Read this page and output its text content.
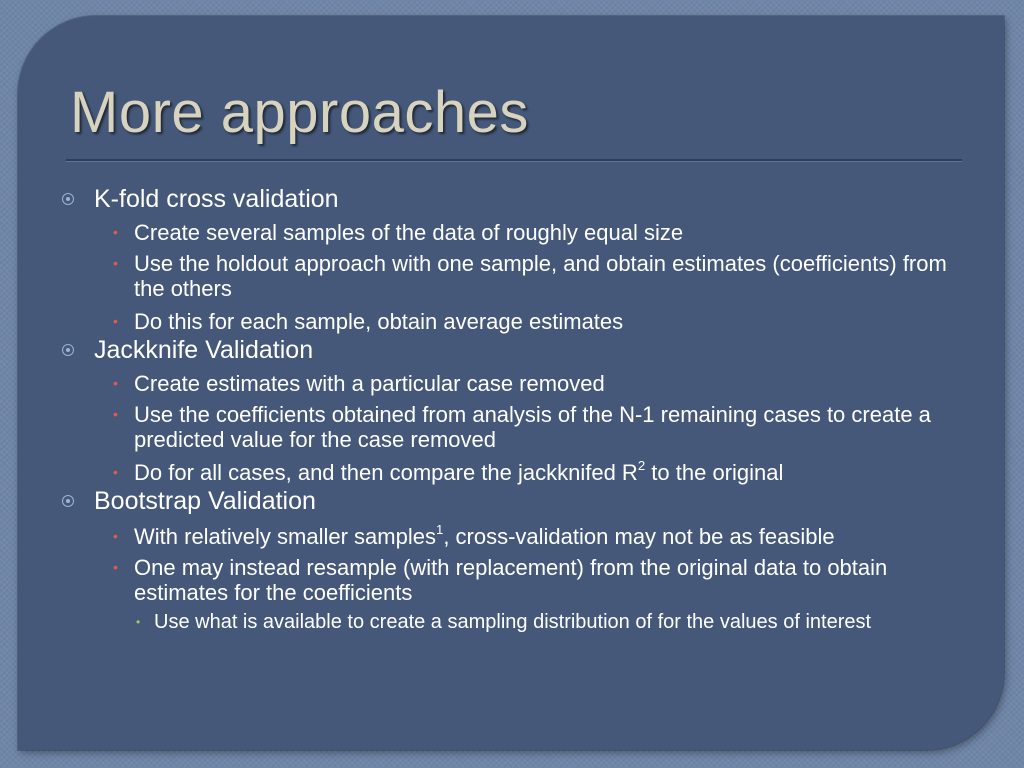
More approaches
K-fold cross validation
• Create several samples of the data of roughly equal size
• Use the holdout approach with one sample, and obtain estimates (coefficients) from the others
• Do this for each sample, obtain average estimates
Jackknife Validation
• Create estimates with a particular case removed
• Use the coefficients obtained from analysis of the N-1 remaining cases to create a predicted value for the case removed
• Do for all cases, and then compare the jackknifed $R^2$ to the original
Bootstrap Validation
• With relatively smaller samples$^1$, cross-validation may not be as feasible
• One may instead resample (with replacement) from the original data to obtain estimates for the coefficients
• Use what is available to create a sampling distribution of for the values of interest
